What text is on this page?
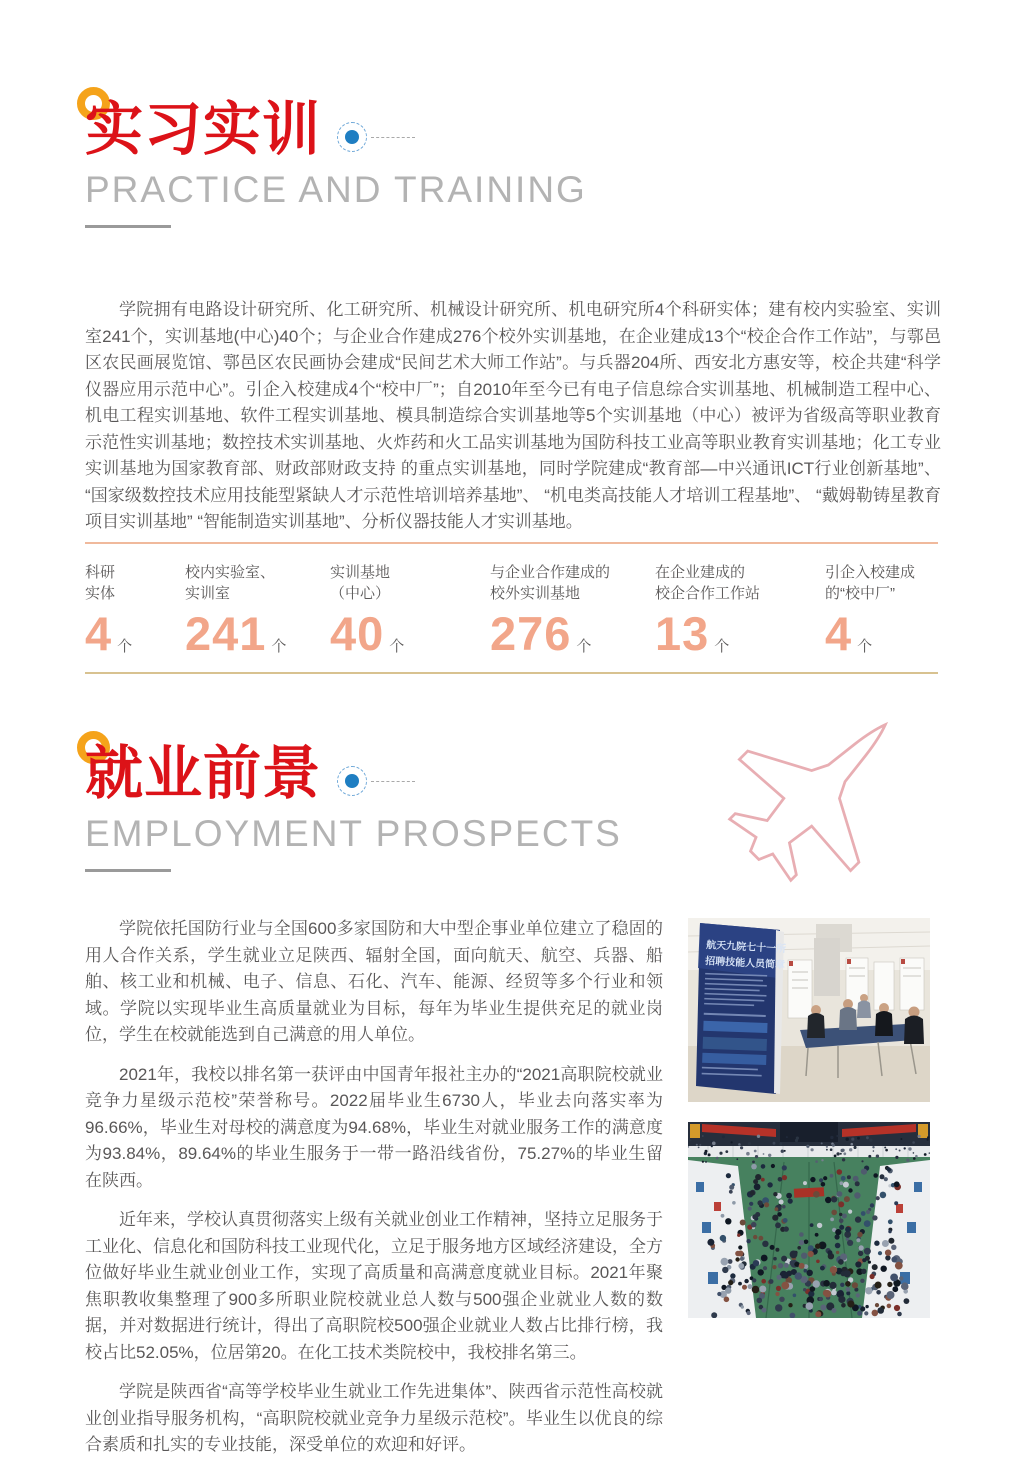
实习实训
PRACTICE AND TRAINING

学院拥有电路设计研究所、化工研究所、机械设计研究所、机电研究所4个科研实体；建有校内实验室、实训室241个，实训基地(中心)40个；与企业合作建成276个校外实训基地，在企业建成13个“校企合作工作站”，与鄠邑区农民画展览馆、鄠邑区农民画协会建成“民间艺术大师工作站”。与兵器204所、西安北方惠安等，校企共建“科学仪器应用示范中心”。引企入校建成4个“校中厂”；自2010年至今已有电子信息综合实训基地、机械制造工程中心、机电工程实训基地、软件工程实训基地、模具制造综合实训基地等5个实训基地（中心）被评为省级高等职业教育示范性实训基地；数控技术实训基地、火炸药和火工品实训基地为国防科技工业高等职业教育实训基地；化工专业实训基地为国家教育部、财政部财政支持 的重点实训基地，同时学院建成“教育部—中兴通讯ICT行业创新基地”、 “国家级数控技术应用技能型紧缺人才示范性培训培养基地”、 “机电类高技能人才培训工程基地”、 “戴姆勒铸星教育项目实训基地” “智能制造实训基地”、分析仪器技能人才实训基地。

科研
实体
4 个
校内实验室、
实训室
241 个
实训基地
（中心）
40 个
与企业合作建成的
校外实训基地
276 个
在企业建成的
校企合作工作站
13 个
引企入校建成
的“校中厂”
4 个
就业前景
EMPLOYMENT PROSPECTS

学院依托国防行业与全国600多家国防和大中型企事业单位建立了稳固的用人合作关系，学生就业立足陕西、辐射全国，面向航天、航空、兵器、船舶、核工业和机械、电子、信息、石化、汽车、能源、经贸等多个行业和领域。学院以实现毕业生高质量就业为目标，每年为毕业生提供充足的就业岗位，学生在校就能选到自己满意的用人单位。

2021年，我校以排名第一获评由中国青年报社主办的“2021高职院校就业竞争力星级示范校”荣誉称号。2022届毕业生6730人，毕业去向落实率为96.66%，毕业生对母校的满意度为94.68%，毕业生对就业服务工作的满意度为93.84%，89.64%的毕业生服务于一带一路沿线省份，75.27%的毕业生留在陕西。

近年来，学校认真贯彻落实上级有关就业创业工作精神，坚持立足服务于工业化、信息化和国防科技工业现代化，立足于服务地方区域经济建设，全方位做好毕业生就业创业工作，实现了高质量和高满意度就业目标。2021年聚焦职教收集整理了900多所职业院校就业总人数与500强企业就业人数的数据，并对数据进行统计，得出了高职院校500强企业就业人数占比排行榜，我校占比52.05%，位居第20。在化工技术类院校中，我校排名第三。

学院是陕西省“高等学校毕业生就业工作先进集体”、陕西省示范性高校就业创业指导服务机构，“高职院校就业竞争力星级示范校”。毕业生以优良的综合素质和扎实的专业技能，深受单位的欢迎和好评。

航天九院七十一所
招聘技能人员简章
